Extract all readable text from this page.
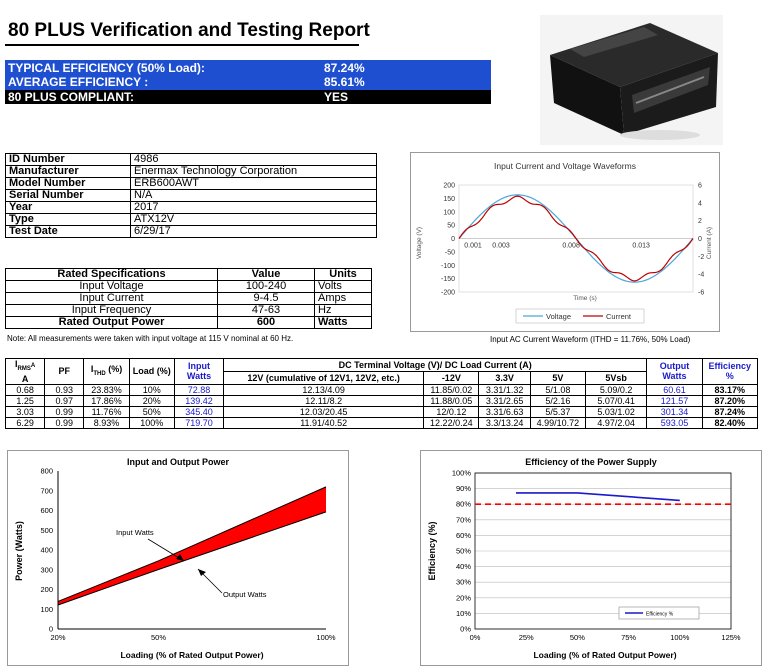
80 PLUS Verification and Testing Report
TYPICAL EFFICIENCY (50% Load):	87.24%
AVERAGE EFFICIENCY :	85.61%
80 PLUS COMPLIANT:	YES
ID Number	4986
Manufacturer	Enermax Technology Corporation
Model Number	ERB600AWT
Serial Number	N/A
Year	2017
Type	ATX12V
Test Date	6/29/17
Rated Specifications	Value	Units
Input Voltage	100-240	Volts
Input Current	9-4.5	Amps
Input Frequency	47-63	Hz
Rated Output Power	600	Watts
Note: All measurements were taken with input voltage at 115 V nominal at 60 Hz.
Input Current and Voltage Waveforms
200
150
100
50
0
-50
-100
-150
-200
6
4
2
0
-2
-4
-6
0.001 0.003	0.008	0.013
Voltage (V)	Current (A)
Time (s)
Voltage	Current
Input AC Current Waveform (ITHD = 11.76%, 50% Load)
$I_{RMS}A$
A	PF	$I_{THD}$ (%)	Load (%)	Input Watts	DC Terminal Voltage (V)/ DC Load Current (A)					Output Watts	Efficiency %
					12V (cumulative of 12V1, 12V2, etc.)	-12V	3.3V	5V	5Vsb		
0.68	0.93	23.83%	10%	72.88	12.13/4.09	11.85/0.02	3.31/1.32	5/1.08	5.09/0.2	60.61	83.17%
1.25	0.97	17.86%	20%	139.42	12.11/8.2	11.88/0.05	3.31/2.65	5/2.16	5.07/0.41	121.57	87.20%
3.03	0.99	11.76%	50%	345.40	12.03/20.45	12/0.12	3.31/6.63	5/5.37	5.03/1.02	301.34	87.24%
6.29	0.99	8.93%	100%	719.70	11.91/40.52	12.22/0.24	3.3/13.24	4.99/10.72	4.97/2.04	593.05	82.40%
Input and Output Power
0
100
200
300
400
500
600
700
800
20%	50%	100%
Input Watts
Output Watts
Power (Watts)
Loading (% of Rated Output Power)
Efficiency of the Power Supply
0%
10%
20%
30%
40%
50%
60%
70%
80%
90%
100%
0%	25%	50%	75%	100%	125%
Efficiency %
Efficiency (%)
Loading (% of Rated Output Power)
